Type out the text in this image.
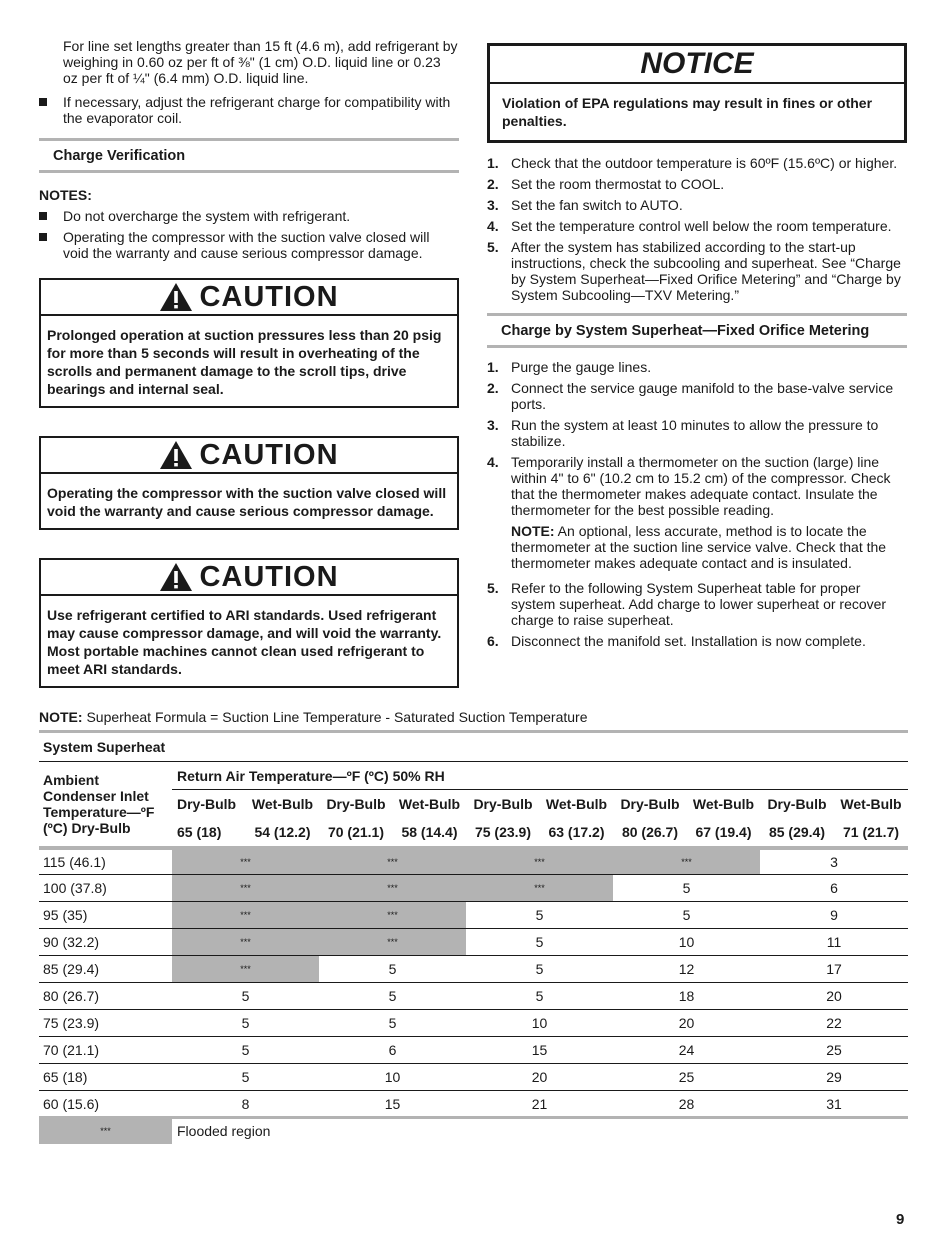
For line set lengths greater than 15 ft (4.6 m), add refrigerant by weighing in 0.60 oz per ft of ⅜" (1 cm) O.D. liquid line or 0.23 oz per ft of ¼" (6.4 mm) O.D. liquid line.

If necessary, adjust the refrigerant charge for compatibility with the evaporator coil.
Charge Verification
NOTES:
Do not overcharge the system with refrigerant.
Operating the compressor with the suction valve closed will void the warranty and cause serious compressor damage.
CAUTION
Prolonged operation at suction pressures less than 20 psig for more than 5 seconds will result in overheating of the scrolls and permanent damage to the scroll tips, drive bearings and internal seal.
CAUTION
Operating the compressor with the suction valve closed will void the warranty and cause serious compressor damage.
CAUTION
Use refrigerant certified to ARI standards. Used refrigerant may cause compressor damage, and will void the warranty. Most portable machines cannot clean used refrigerant to meet ARI standards.
NOTICE
Violation of EPA regulations may result in fines or other penalties.
1. Check that the outdoor temperature is 60ºF (15.6ºC) or higher.
2. Set the room thermostat to COOL.
3. Set the fan switch to AUTO.
4. Set the temperature control well below the room temperature.
5. After the system has stabilized according to the start-up instructions, check the subcooling and superheat. See “Charge by System Superheat—Fixed Orifice Metering” and “Charge by System Subcooling—TXV Metering.”
Charge by System Superheat—Fixed Orifice Metering
1. Purge the gauge lines.
2. Connect the service gauge manifold to the base-valve service ports.
3. Run the system at least 10 minutes to allow the pressure to stabilize.
4. Temporarily install a thermometer on the suction (large) line within 4" to 6" (10.2 cm to 15.2 cm) of the compressor. Check that the thermometer makes adequate contact. Insulate the thermometer for the best possible reading.

NOTE: An optional, less accurate, method is to locate the thermometer at the suction line service valve. Check that the thermometer makes adequate contact and is insulated.

5. Refer to the following System Superheat table for proper system superheat. Add charge to lower superheat or recover charge to raise superheat.
6. Disconnect the manifold set. Installation is now complete.

NOTE: Superheat Formula = Suction Line Temperature - Saturated Suction Temperature

System Superheat										
Ambient Condenser Inlet Temperature—ºF (ºC) Dry-Bulb	Return Air Temperature—ºF (ºC) 50% RH									
	Dry-Bulb	Wet-Bulb	Dry-Bulb	Wet-Bulb	Dry-Bulb	Wet-Bulb	Dry-Bulb	Wet-Bulb	Dry-Bulb	Wet-Bulb
	65 (18)	54 (12.2)	70 (21.1)	58 (14.4)	75 (23.9)	63 (17.2)	80 (26.7)	67 (19.4)	85 (29.4)	71 (21.7)
115 (46.1)	***		***		***		***		3	
100 (37.8)	***		***		***		5		6	
95 (35)	***		***		5		5		9	
90 (32.2)	***		***		5		10		11	
85 (29.4)	***		5		5		12		17	
80 (26.7)	5		5		5		18		20	
75 (23.9)	5		5		10		20		22	
70 (21.1)	5		6		15		24		25	
65 (18)	5		10		20		25		29	
60 (15.6)	8		15		21		28		31	
***	Flooded region									
9
